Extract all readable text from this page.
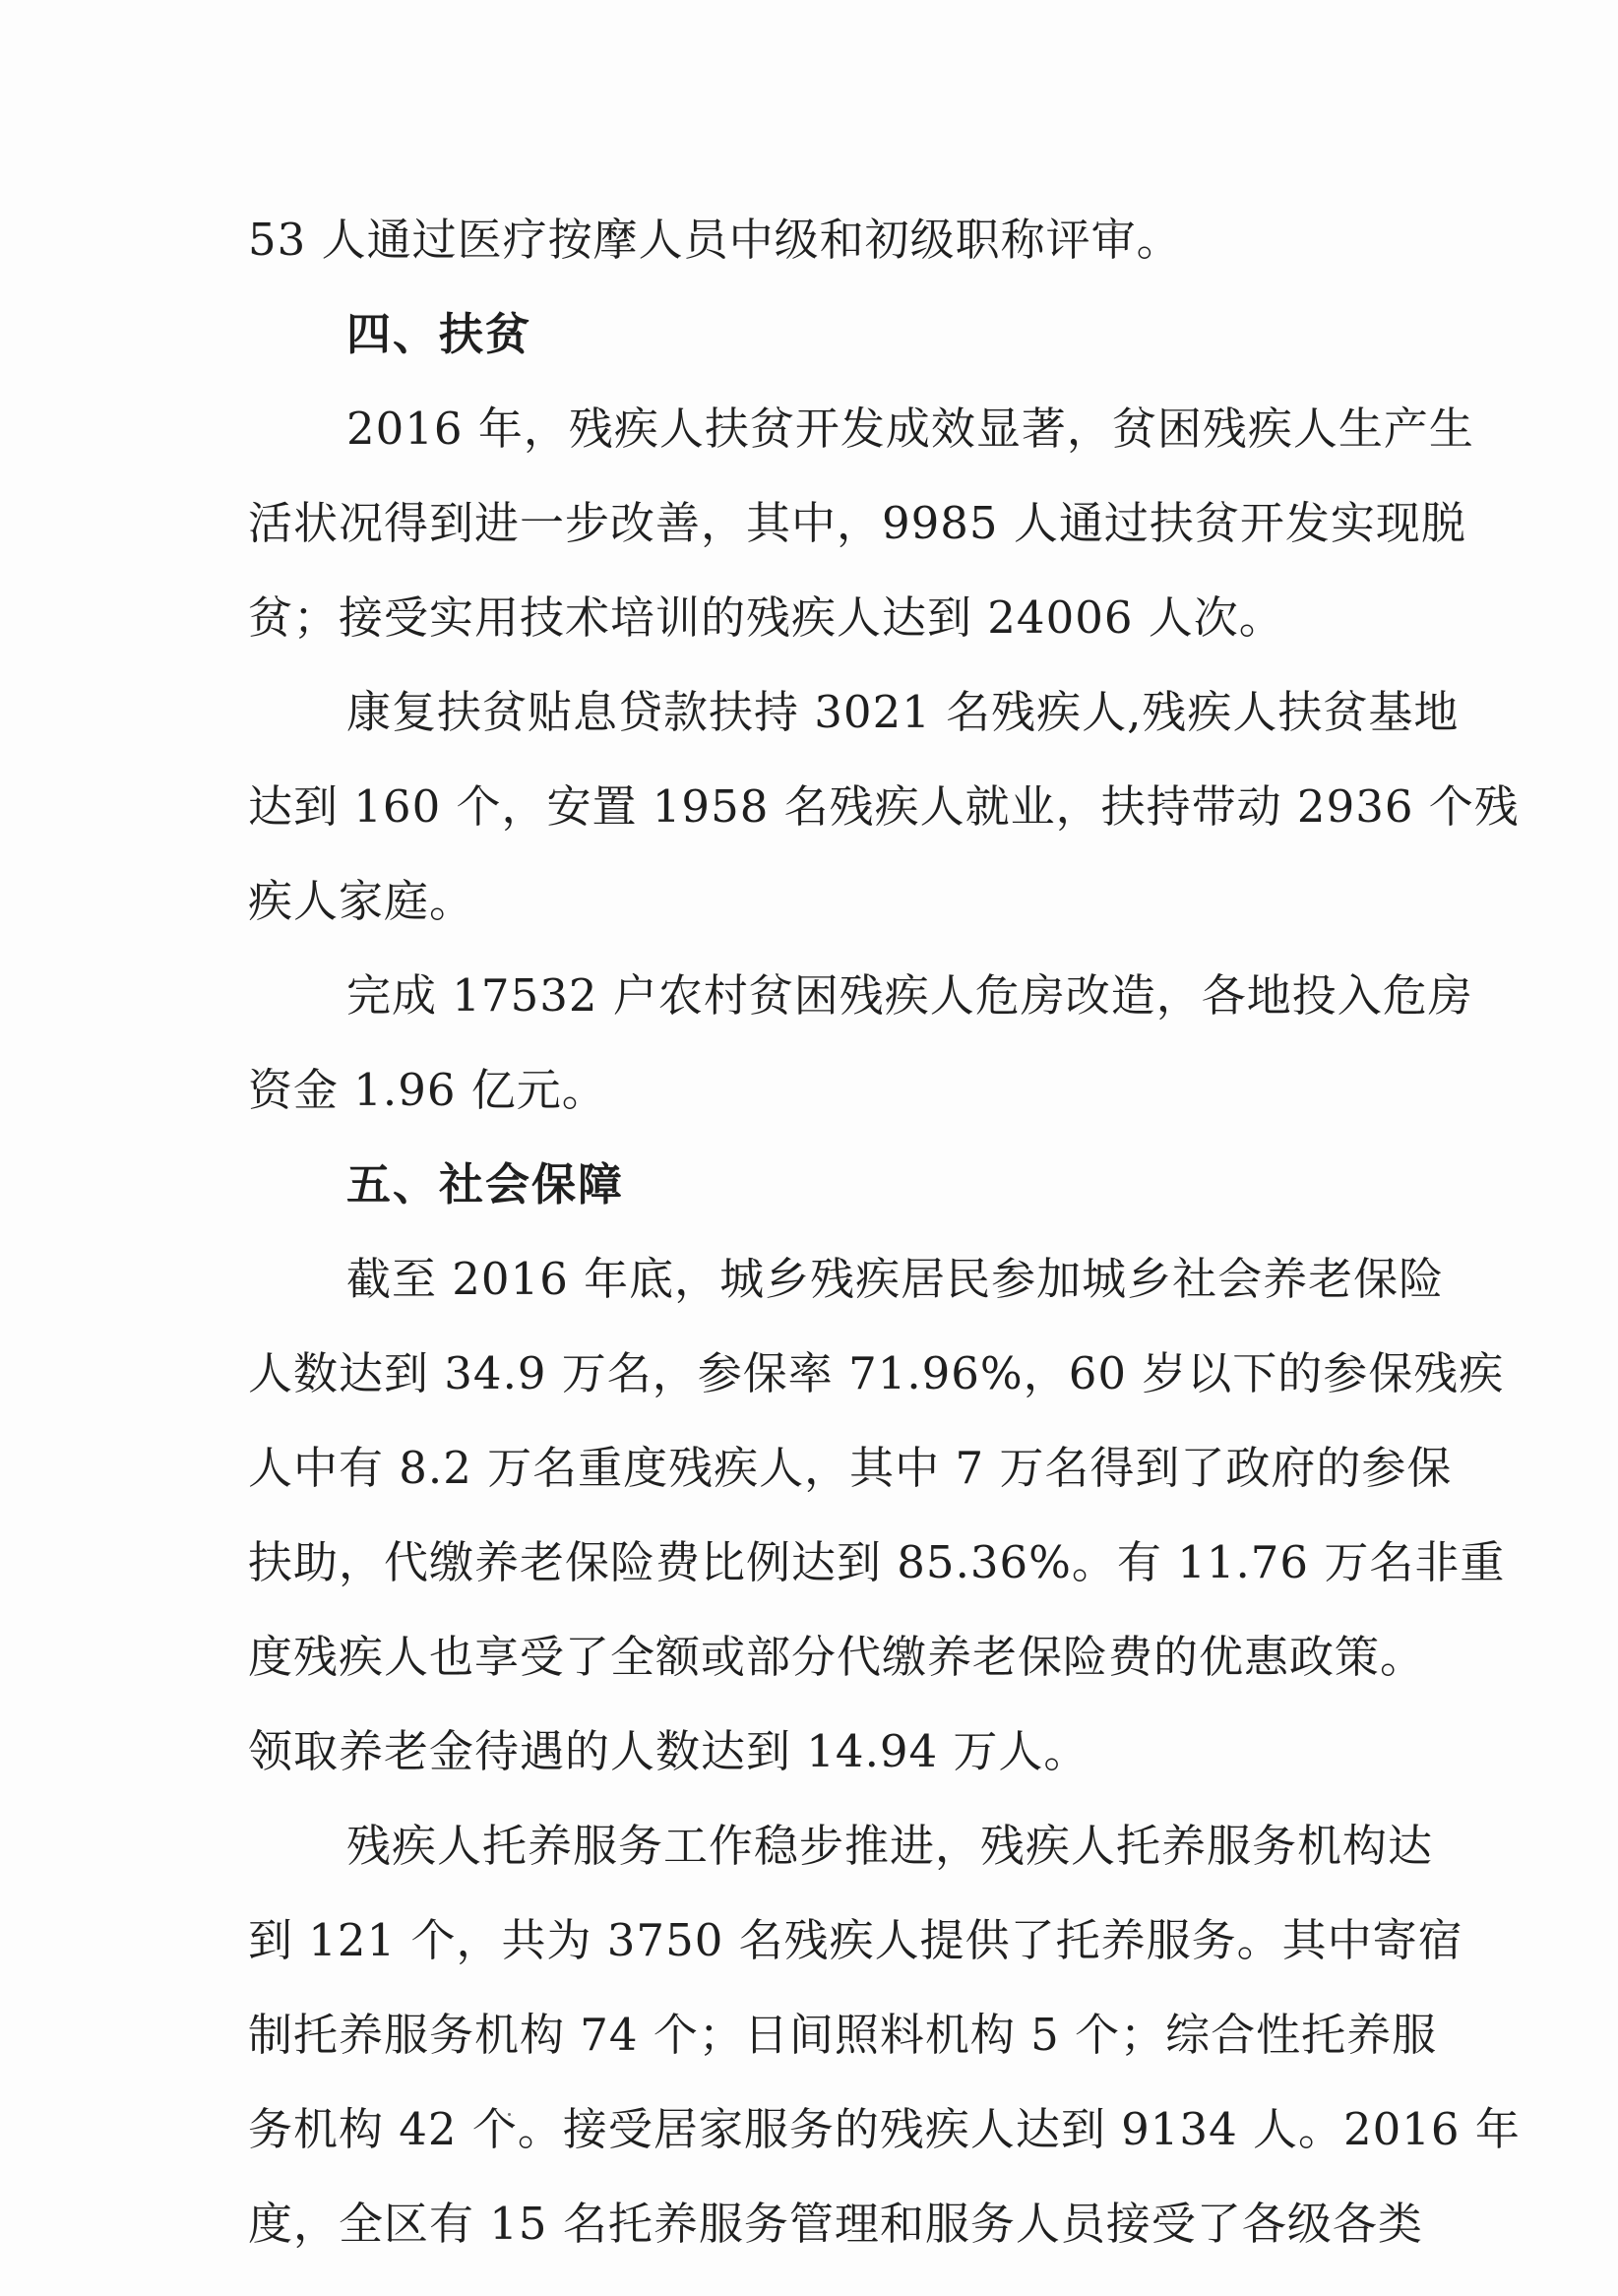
53 人通过医疗按摩人员中级和初级职称评审。
四、扶贫
2016 年，残疾人扶贫开发成效显著，贫困残疾人生产生
活状况得到进一步改善，其中，9985 人通过扶贫开发实现脱
贫；接受实用技术培训的残疾人达到 24006 人次。
康复扶贫贴息贷款扶持 3021 名残疾人,残疾人扶贫基地
达到 160 个，安置 1958 名残疾人就业，扶持带动 2936 个残
疾人家庭。
完成 17532 户农村贫困残疾人危房改造，各地投入危房
资金 1.96 亿元。
五、社会保障
截至 2016 年底，城乡残疾居民参加城乡社会养老保险
人数达到 34.9 万名，参保率 71.96%，60 岁以下的参保残疾
人中有 8.2 万名重度残疾人，其中 7 万名得到了政府的参保
扶助，代缴养老保险费比例达到 85.36%。有 11.76 万名非重
度残疾人也享受了全额或部分代缴养老保险费的优惠政策。
领取养老金待遇的人数达到 14.94 万人。
残疾人托养服务工作稳步推进，残疾人托养服务机构达
到 121 个，共为 3750 名残疾人提供了托养服务。其中寄宿
制托养服务机构 74 个；日间照料机构 5 个；综合性托养服
务机构 42 个。接受居家服务的残疾人达到 9134 人。2016 年
度，全区有 15 名托养服务管理和服务人员接受了各级各类
